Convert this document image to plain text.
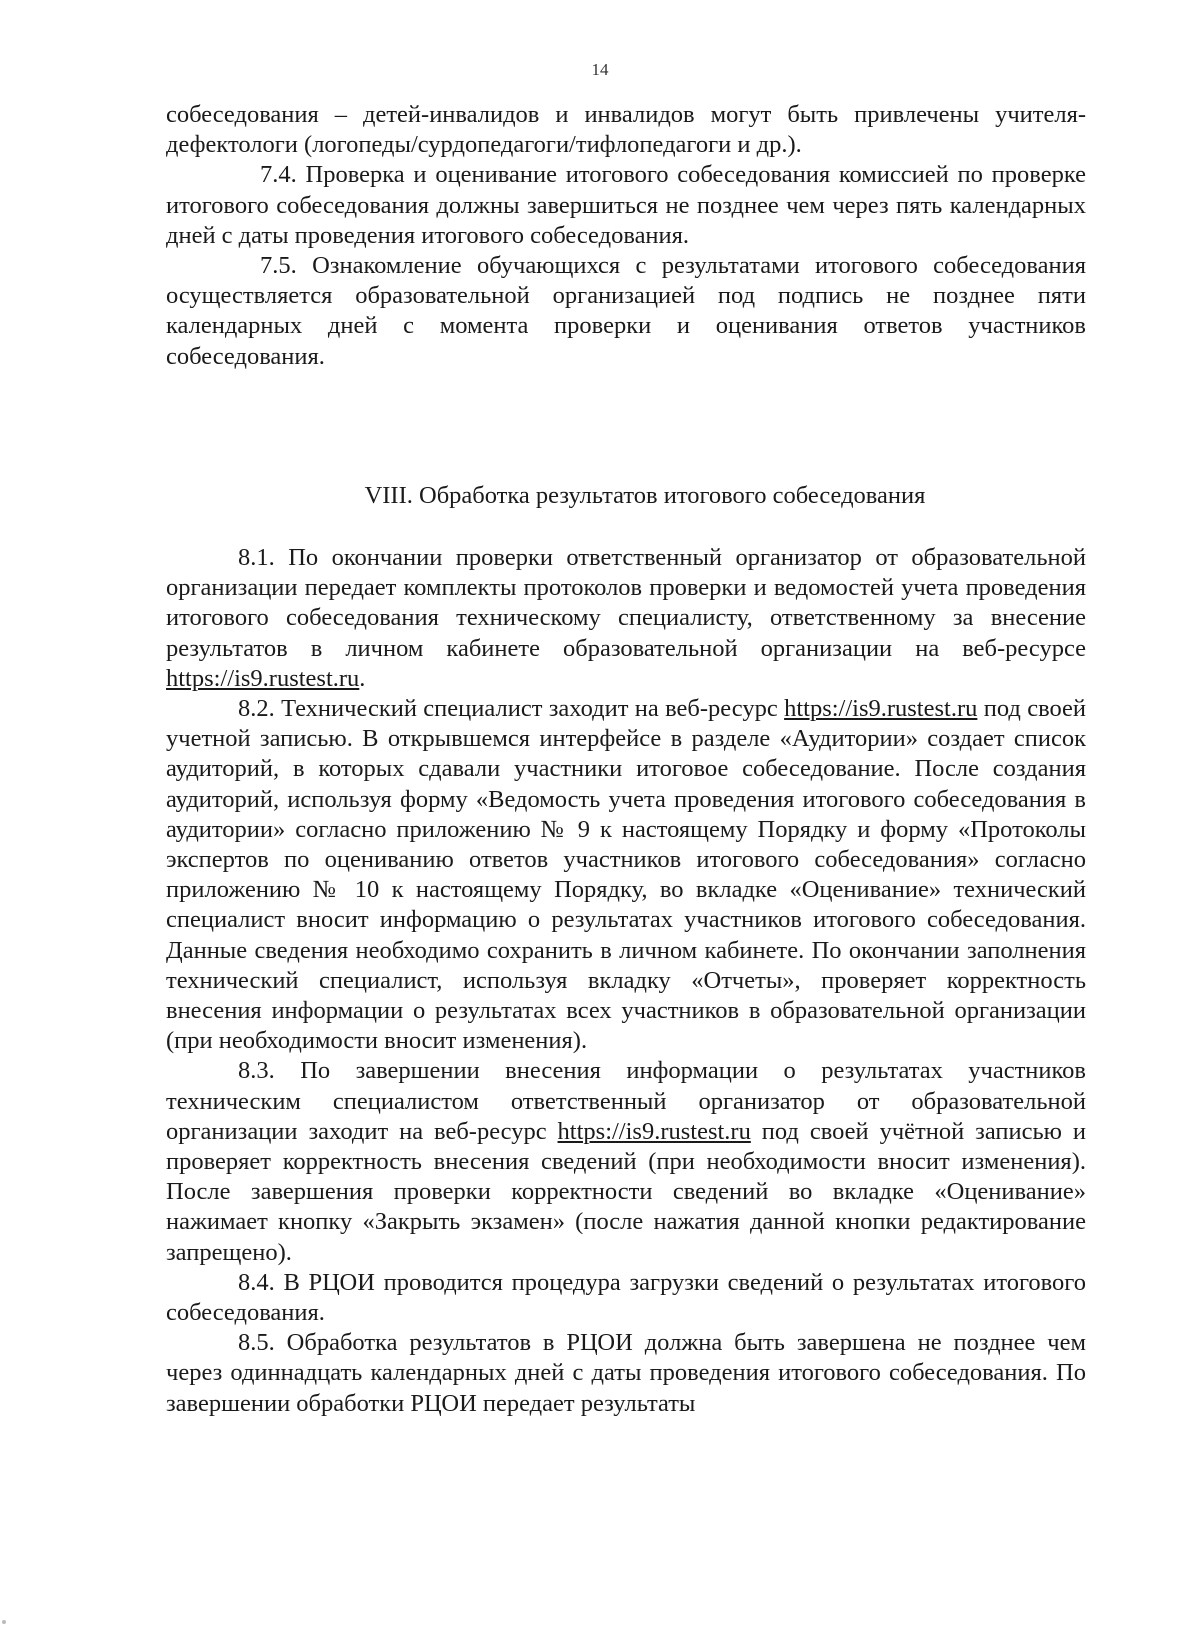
14

собеседования – детей-инвалидов и инвалидов могут быть привлечены учителя-дефектологи (логопеды/сурдопедагоги/тифлопедагоги и др.).

7.4. Проверка и оценивание итогового собеседования комиссией по проверке итогового собеседования должны завершиться не позднее чем через пять календарных дней с даты проведения итогового собеседования.

7.5. Ознакомление обучающихся с результатами итогового собеседования осуществляется образовательной организацией под подпись не позднее пяти календарных дней с момента проверки и оценивания ответов участников собеседования.

VIII. Обработка результатов итогового собеседования

8.1. По окончании проверки ответственный организатор от образовательной организации передает комплекты протоколов проверки и ведомостей учета проведения итогового собеседования техническому специалисту, ответственному за внесение результатов в личном кабинете образовательной организации на веб-ресурсе https://is9.rustest.ru.

8.2. Технический специалист заходит на веб-ресурс https://is9.rustest.ru под своей учетной записью. В открывшемся интерфейсе в разделе «Аудитории» создает список аудиторий, в которых сдавали участники итоговое собеседование. После создания аудиторий, используя форму «Ведомость учета проведения итогового собеседования в аудитории» согласно приложению № 9 к настоящему Порядку и форму «Протоколы экспертов по оцениванию ответов участников итогового собеседования» согласно приложению № 10 к настоящему Порядку, во вкладке «Оценивание» технический специалист вносит информацию о результатах участников итогового собеседования. Данные сведения необходимо сохранить в личном кабинете. По окончании заполнения технический специалист, используя вкладку «Отчеты», проверяет корректность внесения информации о результатах всех участников в образовательной организации (при необходимости вносит изменения).

8.3. По завершении внесения информации о результатах участников техническим специалистом ответственный организатор от образовательной организации заходит на веб-ресурс https://is9.rustest.ru под своей учётной записью и проверяет корректность внесения сведений (при необходимости вносит изменения). После завершения проверки корректности сведений во вкладке «Оценивание» нажимает кнопку «Закрыть экзамен» (после нажатия данной кнопки редактирование запрещено).

8.4. В РЦОИ проводится процедура загрузки сведений о результатах итогового собеседования.

8.5. Обработка результатов в РЦОИ должна быть завершена не позднее чем через одиннадцать календарных дней с даты проведения итогового собеседования. По завершении обработки РЦОИ передает результаты
